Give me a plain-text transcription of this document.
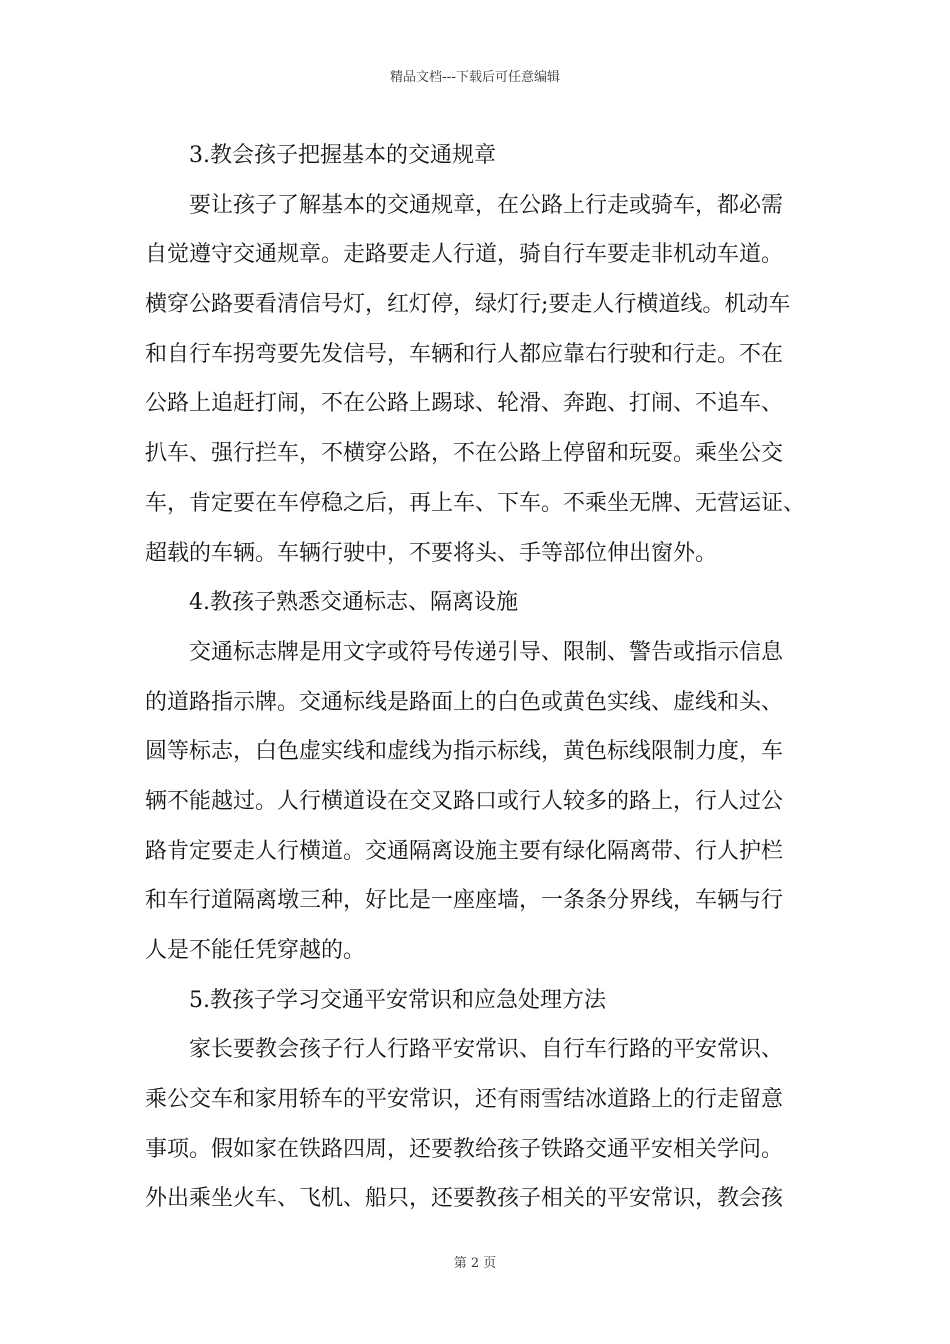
精品文档---下载后可任意编辑
3.教会孩子把握基本的交通规章
要让孩子了解基本的交通规章，在公路上行走或骑车，都必需
自觉遵守交通规章。走路要走人行道，骑自行车要走非机动车道。
横穿公路要看清信号灯，红灯停，绿灯行;要走人行横道线。机动车
和自行车拐弯要先发信号，车辆和行人都应靠右行驶和行走。不在
公路上追赶打闹，不在公路上踢球、轮滑、奔跑、打闹、不追车、
扒车、强行拦车，不横穿公路，不在公路上停留和玩耍。乘坐公交
车，肯定要在车停稳之后，再上车、下车。不乘坐无牌、无营运证、
超载的车辆。车辆行驶中，不要将头、手等部位伸出窗外。
4.教孩子熟悉交通标志、隔离设施
交通标志牌是用文字或符号传递引导、限制、警告或指示信息
的道路指示牌。交通标线是路面上的白色或黄色实线、虚线和头、
圆等标志，白色虚实线和虚线为指示标线，黄色标线限制力度，车
辆不能越过。人行横道设在交叉路口或行人较多的路上，行人过公
路肯定要走人行横道。交通隔离设施主要有绿化隔离带、行人护栏
和车行道隔离墩三种，好比是一座座墙，一条条分界线，车辆与行
人是不能任凭穿越的。
5.教孩子学习交通平安常识和应急处理方法
家长要教会孩子行人行路平安常识、自行车行路的平安常识、
乘公交车和家用轿车的平安常识，还有雨雪结冰道路上的行走留意
事项。假如家在铁路四周，还要教给孩子铁路交通平安相关学问。
外出乘坐火车、飞机、船只，还要教孩子相关的平安常识，教会孩
第 2 页
